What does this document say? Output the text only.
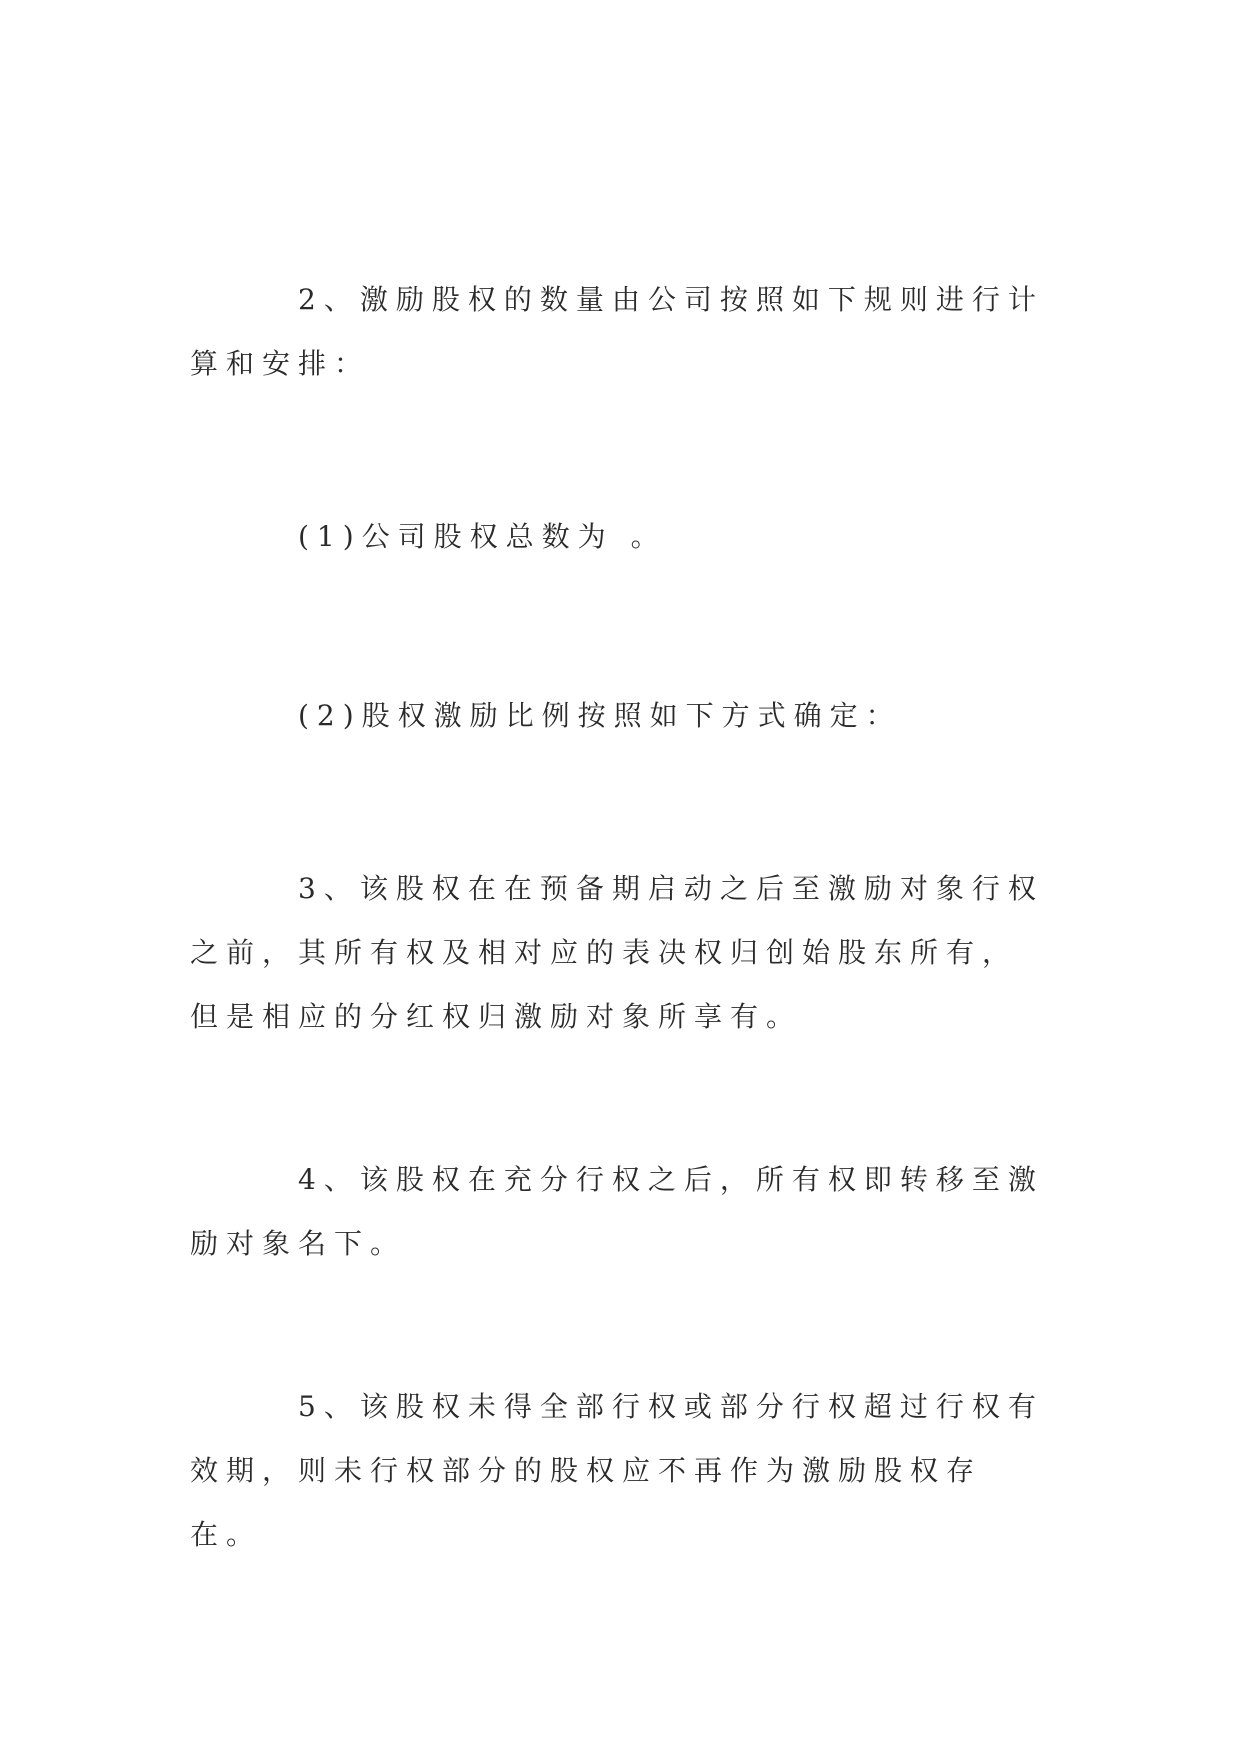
2、激励股权的数量由公司按照如下规则进行计算和安排：

(1)公司股权总数为 。

(2)股权激励比例按照如下方式确定：

3、该股权在在预备期启动之后至激励对象行权之前，其所有权及相对应的表决权归创始股东所有，但是相应的分红权归激励对象所享有。

4、该股权在充分行权之后，所有权即转移至激励对象名下。

5、该股权未得全部行权或部分行权超过行权有效期，则未行权部分的股权应不再作为激励股权存在。
